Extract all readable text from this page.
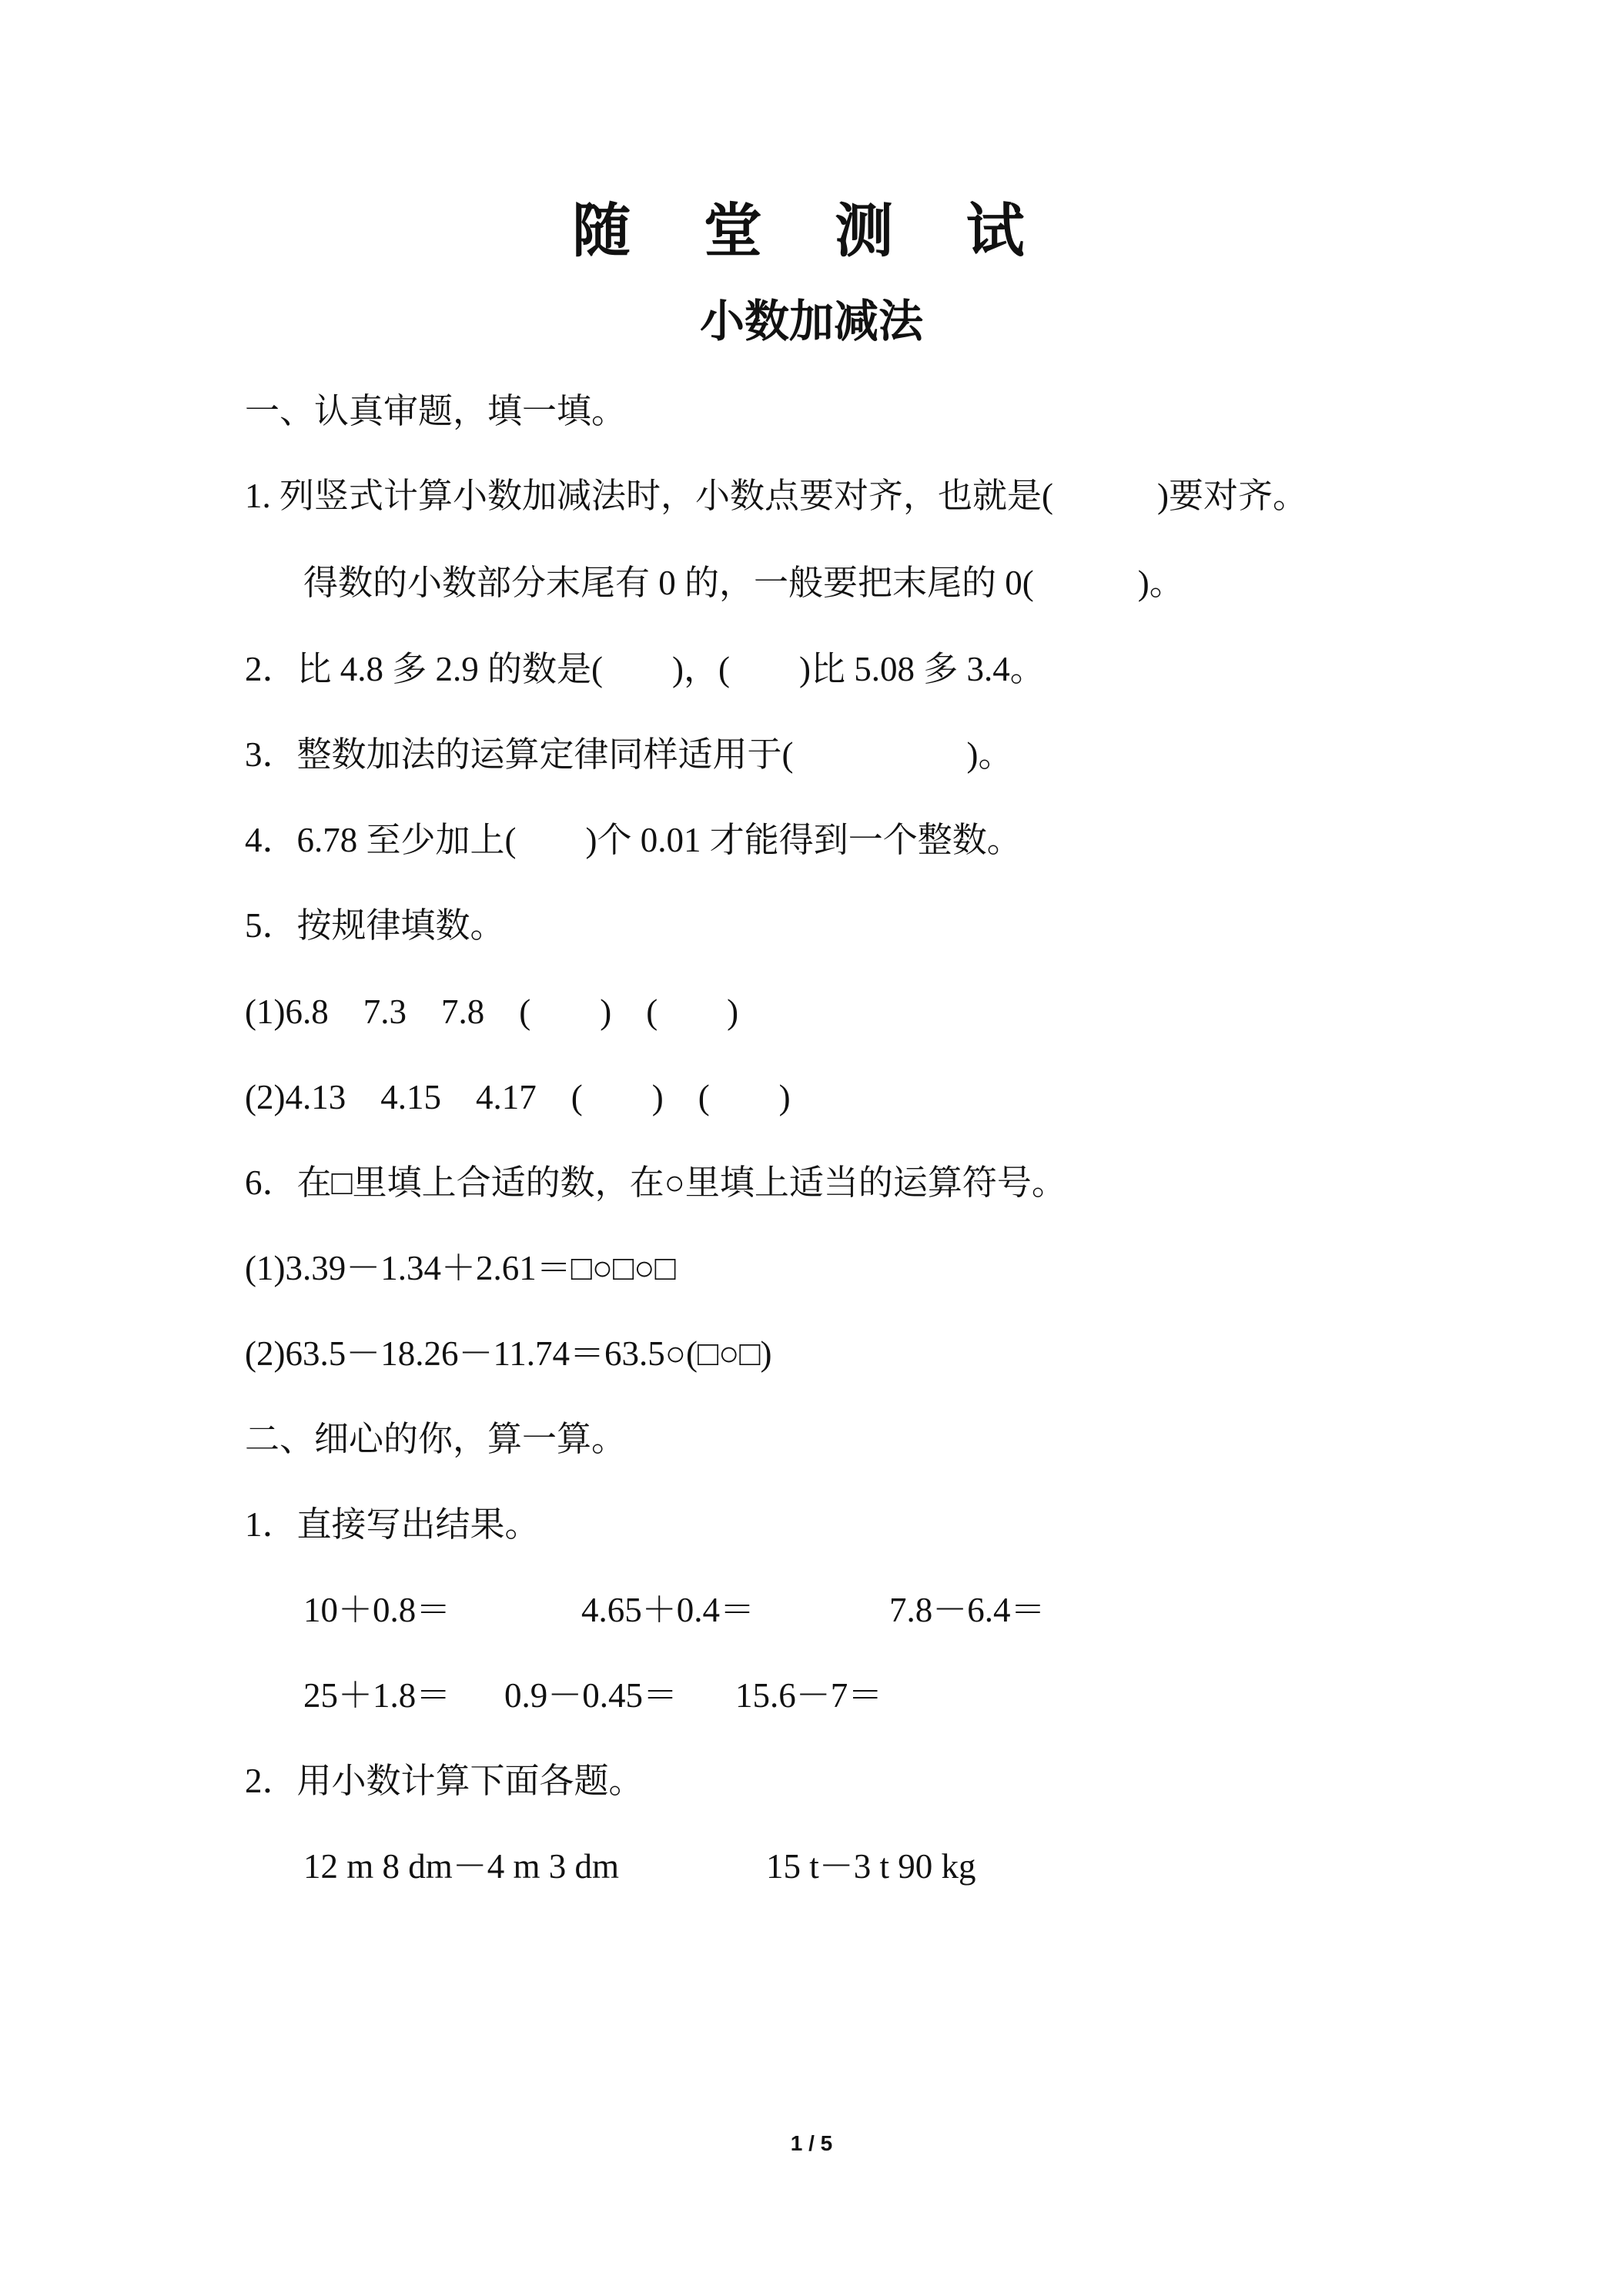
随 堂 测 试
小数加减法
一、认真审题，填一填。
1. 列竖式计算小数加减法时，小数点要对齐，也就是(            )要对齐。
得数的小数部分末尾有 0 的，一般要把末尾的 0(            )。
2．比 4.8 多 2.9 的数是(        )，(        )比 5.08 多 3.4。
3．整数加法的运算定律同样适用于(                    )。
4．6.78 至少加上(        )个 0.01 才能得到一个整数。
5．按规律填数。
(1)6.8    7.3    7.8    (        )    (        )
(2)4.13    4.15    4.17    (        )    (        )
6．在□里填上合适的数，在○里填上适当的运算符号。
(1)3.39－1.34＋2.61＝□○□○□
(2)63.5－18.26－11.74＝63.5○(□○□)
二、细心的你，算一算。
1．直接写出结果。
10＋0.8＝	4.65＋0.4＝	7.8－6.4＝
25＋1.8＝ 0.9－0.45＝ 15.6－7＝
2．用小数计算下面各题。
12 m 8 dm－4 m 3 dm	15 t－3 t 90 kg
1 / 5
